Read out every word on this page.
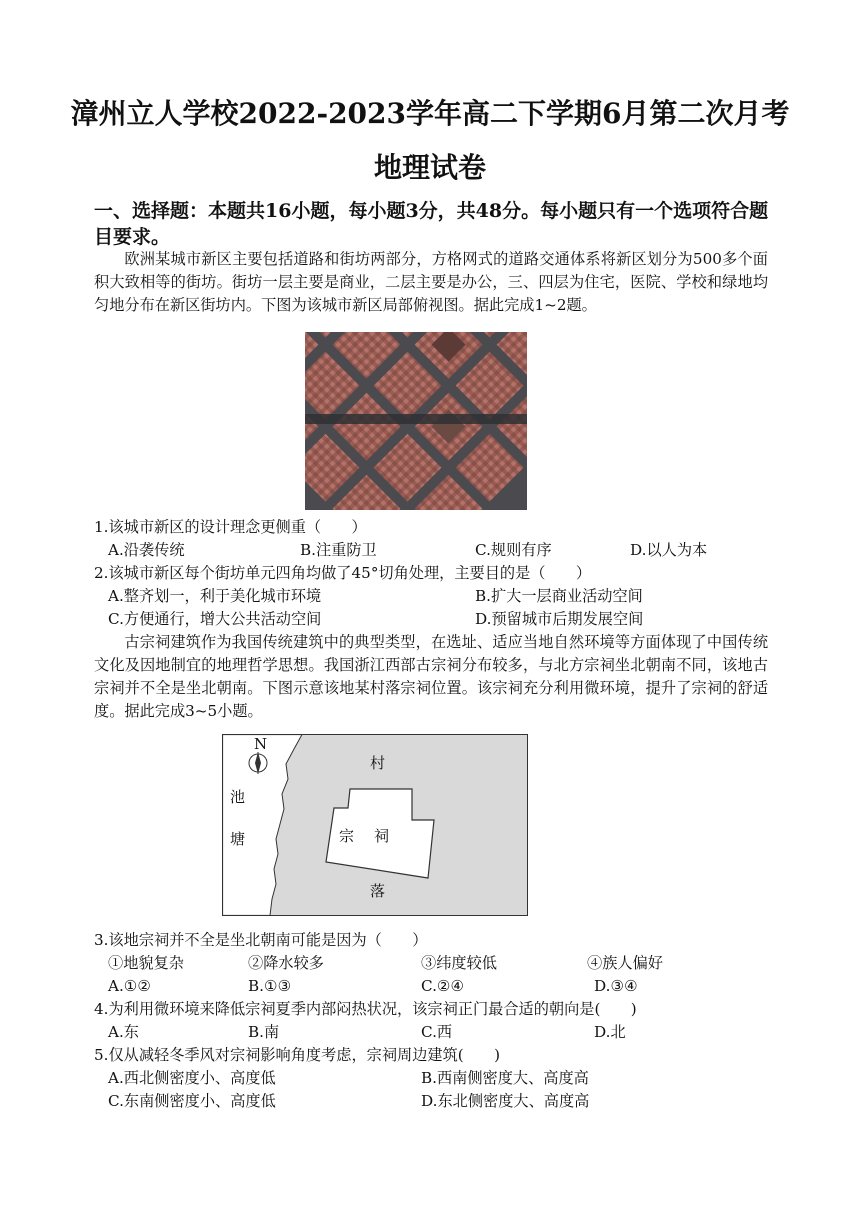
漳州立人学校2022-2023学年高二下学期6月第二次月考
地理试卷
一、选择题：本题共16小题，每小题3分，共48分。每小题只有一个选项符合题目要求。

欧洲某城市新区主要包括道路和街坊两部分，方格网式的道路交通体系将新区划分为500多个面积大致相等的街坊。街坊一层主要是商业，二层主要是办公，三、四层为住宅，医院、学校和绿地均匀地分布在新区街坊内。下图为该城市新区局部俯视图。据此完成1~2题。

1.该城市新区的设计理念更侧重（　　）
A.沿袭传统	B.注重防卫	C.规则有序	D.以人为本
2.该城市新区每个街坊单元四角均做了45°切角处理，主要目的是（　　）
A.整齐划一，利于美化城市环境	B.扩大一层商业活动空间
C.方便通行，增大公共活动空间	D.预留城市后期发展空间

古宗祠建筑作为我国传统建筑中的典型类型，在选址、适应当地自然环境等方面体现了中国传统文化及因地制宜的地理哲学思想。我国浙江西部古宗祠分布较多，与北方宗祠坐北朝南不同，该地古宗祠并不全是坐北朝南。下图示意该地某村落宗祠位置。该宗祠充分利用微环境，提升了宗祠的舒适度。据此完成3~5小题。

N
池
塘
村
落
宗 祠
3.该地宗祠并不全是坐北朝南可能是因为（　　）
①地貌复杂	②降水较多	③纬度较低	④族人偏好
A.①②	B.①③	C.②④	D.③④
4.为利用微环境来降低宗祠夏季内部闷热状况，该宗祠正门最合适的朝向是(　　)
A.东	B.南	C.西	D.北
5.仅从减轻冬季风对宗祠影响角度考虑，宗祠周边建筑(　　)
A.西北侧密度小、高度低	B.西南侧密度大、高度高
C.东南侧密度小、高度低	D.东北侧密度大、高度高
